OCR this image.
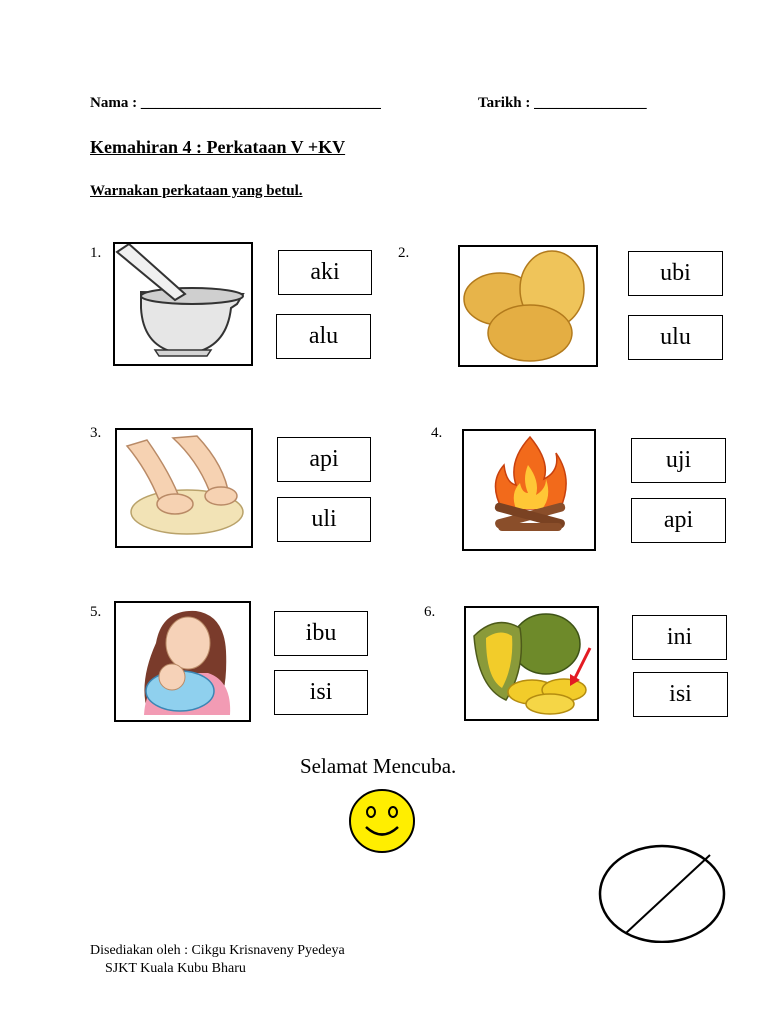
Nama : ________________________________	Tarikh : _______________
Kemahiran 4 : Perkataan V +KV
Warnakan perkataan yang betul.
1.
aki
alu
2.
ubi
ulu
3.
api
uli
4.
uji
api
5.
ibu
isi
6.
ini
isi
Selamat Mencuba.
Disediakan oleh : Cikgu Krisnaveny Pyedeya
SJKT Kuala Kubu Bharu
